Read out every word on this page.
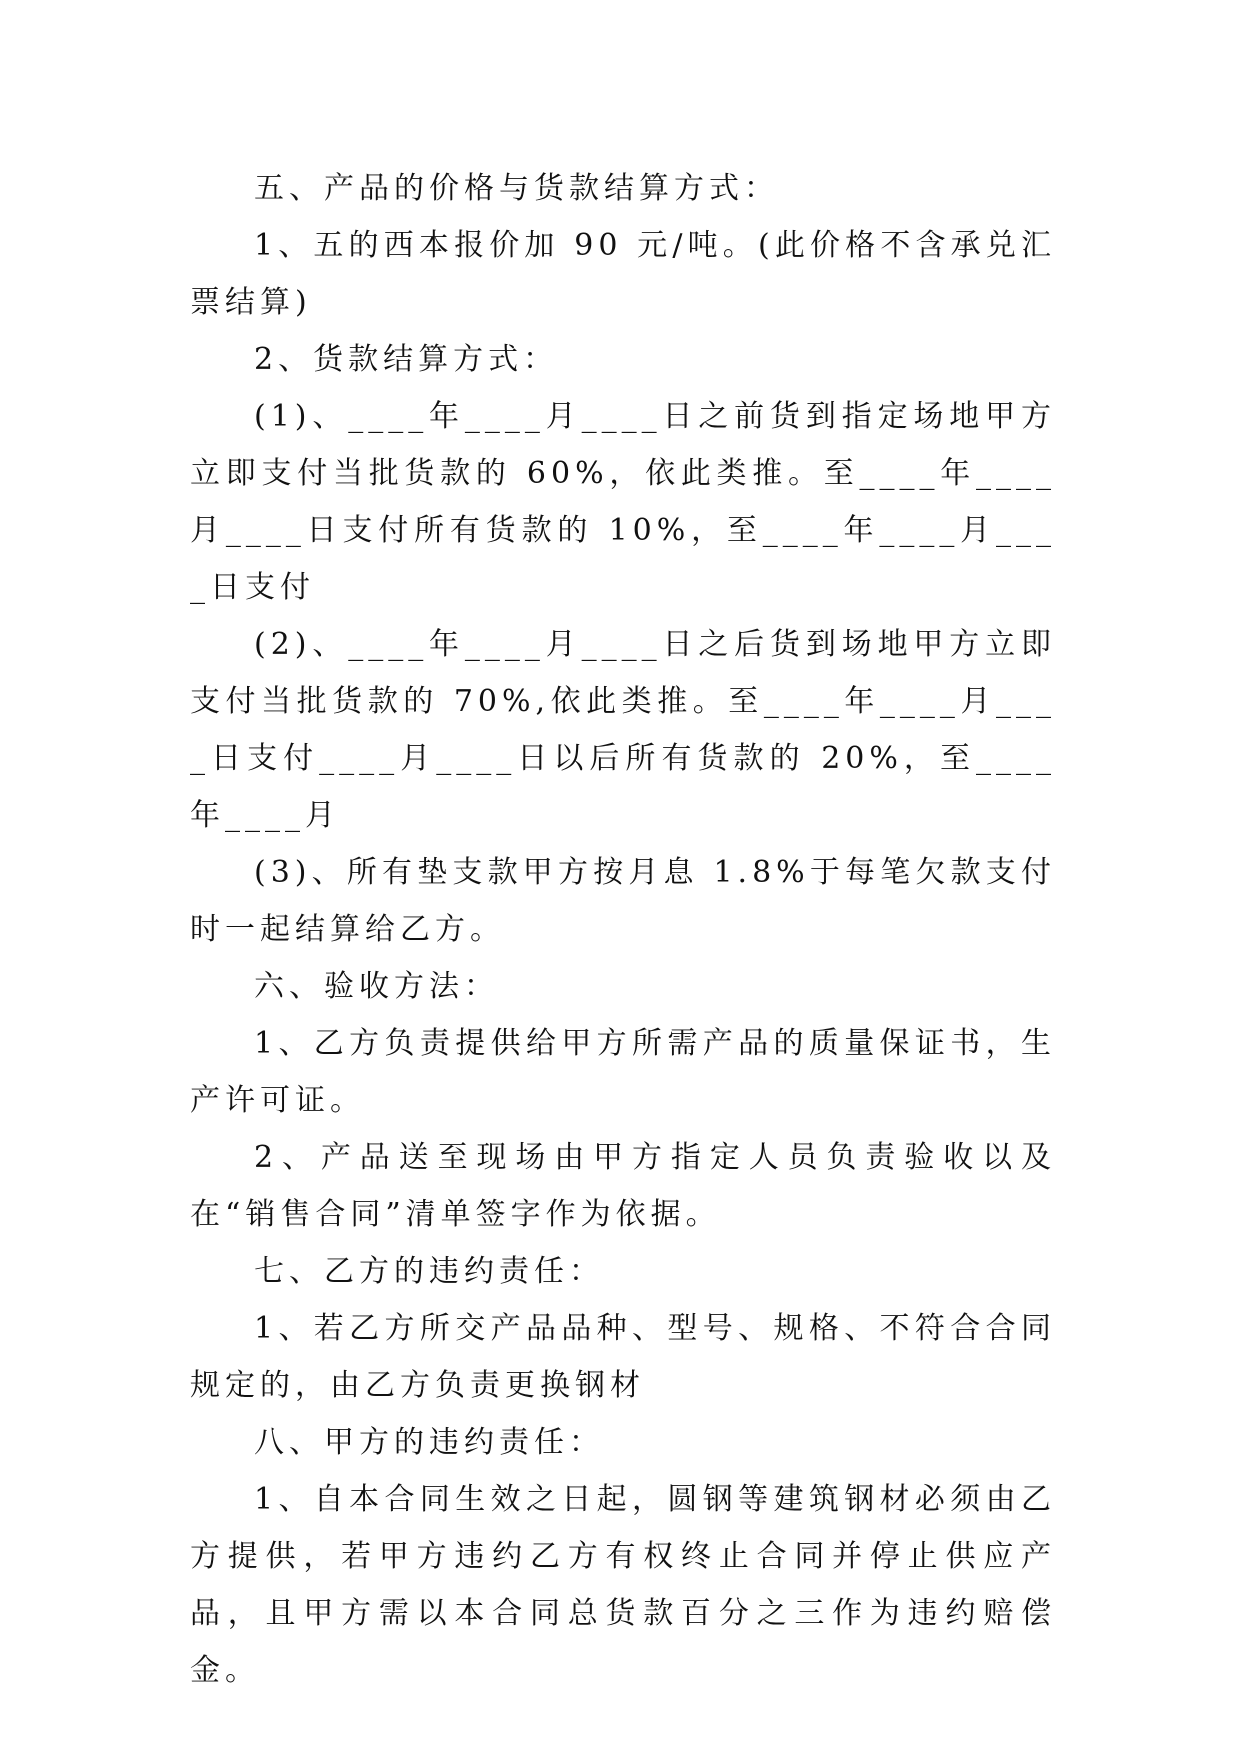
五、产品的价格与货款结算方式：

1、五的西本报价加 90 元/吨。(此价格不含承兑汇票结算)

2、货款结算方式：

(1)、____年____月____日之前货到指定场地甲方立即支付当批货款的 60%，依此类推。至____年____月____日支付所有货款的 10%，至____年____月____日支付

(2)、____年____月____日之后货到场地甲方立即支付当批货款的 70%,依此类推。至____年____月____日支付____月____日以后所有货款的 20%，至____年____月

(3)、所有垫支款甲方按月息 1.8%于每笔欠款支付时一起结算给乙方。

六、验收方法：

1、乙方负责提供给甲方所需产品的质量保证书，生产许可证。

2、产品送至现场由甲方指定人员负责验收以及在“销售合同”清单签字作为依据。

七、乙方的违约责任：

1、若乙方所交产品品种、型号、规格、不符合合同规定的，由乙方负责更换钢材

八、甲方的违约责任：

1、自本合同生效之日起，圆钢等建筑钢材必须由乙方提供，若甲方违约乙方有权终止合同并停止供应产品，且甲方需以本合同总货款百分之三作为违约赔偿金。
